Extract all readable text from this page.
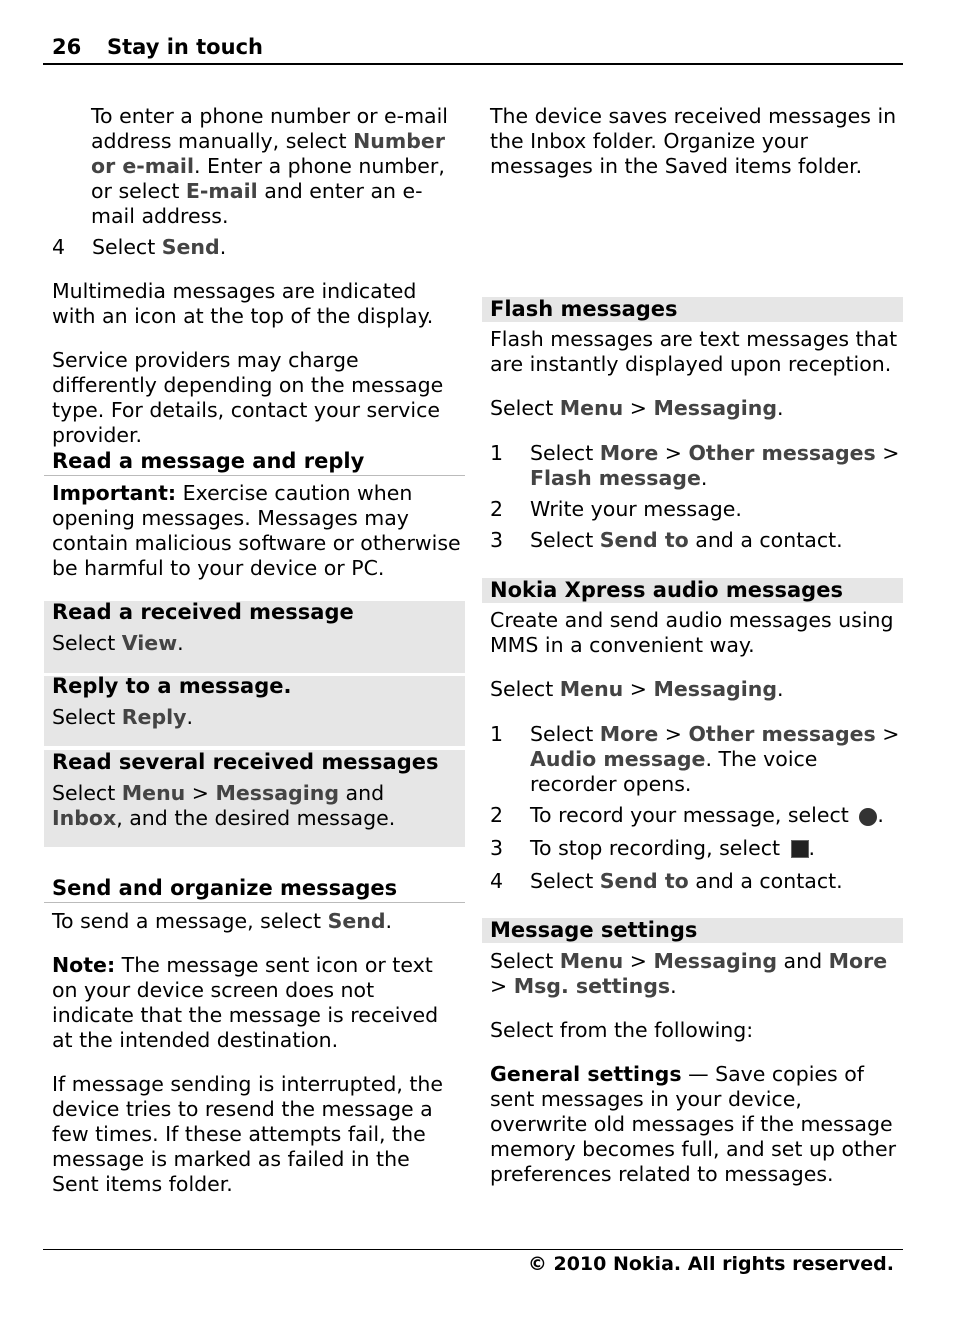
26 Stay in touch

To enter a phone number or e-mail address manually, select Number or e-mail. Enter a phone number, or select E-mail and enter an e-mail address.

4 Select Send.

Multimedia messages are indicated with an icon at the top of the display.

Service providers may charge differently depending on the message type. For details, contact your service provider.

Read a message and reply

Important: Exercise caution when opening messages. Messages may contain malicious software or otherwise be harmful to your device or PC.

Read a received message
Select View.
Reply to a message.
Select Reply.
Read several received messages
Select Menu > Messaging and Inbox, and the desired message.
Send and organize messages

To send a message, select Send.

Note: The message sent icon or text on your device screen does not indicate that the message is received at the intended destination.

If message sending is interrupted, the device tries to resend the message a few times. If these attempts fail, the message is marked as failed in the Sent items folder.

The device saves received messages in the Inbox folder. Organize your messages in the Saved items folder.

Flash messages

Flash messages are text messages that are instantly displayed upon reception.

Select Menu > Messaging.

1 Select More > Other messages > Flash message.
2 Write your message.
3 Select Send to and a contact.
Nokia Xpress audio messages

Create and send audio messages using MMS in a convenient way.

Select Menu > Messaging.

1 Select More > Other messages > Audio message. The voice recorder opens.
2 To record your message, select .
3 To stop recording, select .
4 Select Send to and a contact.
Message settings

Select Menu > Messaging and More > Msg. settings.

Select from the following:

General settings — Save copies of sent messages in your device, overwrite old messages if the message memory becomes full, and set up other preferences related to messages.

© 2010 Nokia. All rights reserved.
